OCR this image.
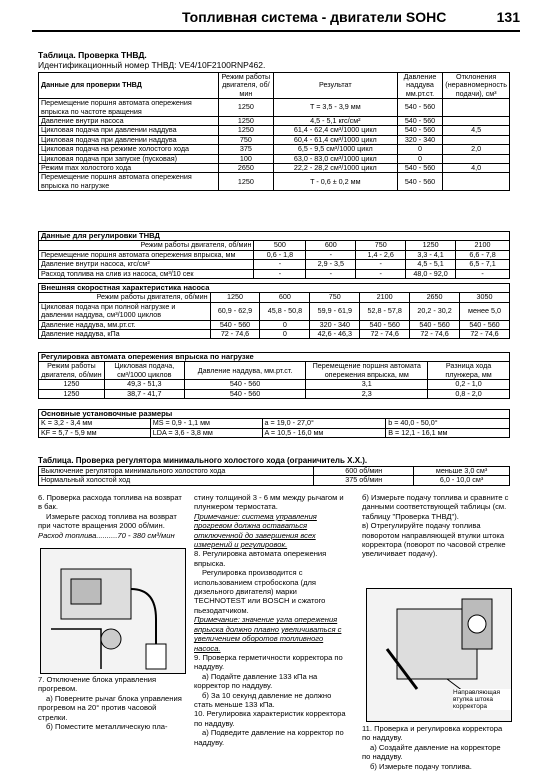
Топливная система - двигатели SOHC	131
Таблица. Проверка ТНВД.
Идентификационный номер ТНВД: VE4/10F2100RNP462.
Данные для проверки ТНВД	Режим работы двигателя, об/мин	Результат	Давление наддува мм.рт.ст.	Отклонения (неравномерность подачи), см³
Перемещение поршня автомата опережения впрыска по частоте вращения	1250	T = 3,5 - 3,9 мм	540 - 560	
Давление внутри насоса	1250	4,5 - 5,1 кгс/см²	540 - 560	
Цикловая подача при давлении наддува	1250	61,4 - 62,4 см³/1000 цикл	540 - 560	4,5
Цикловая подача при давлении наддува	750	60,4 - 61,4 см³/1000 цикл	320 - 340	
Цикловая подача на режиме холостого хода	375	6,5 - 9,5 см³/1000 цикл	0	2,0
Цикловая подача при запуске (пусковая)	100	63,0 - 83,0 см³/1000 цикл	0	
Режим max холостого хода	2650	22,2 - 28,2 см³/1000 цикл	540 - 560	4,0
Перемещение поршня автомата опережения впрыска по нагрузке	1250	T - 0,6 ± 0,2 мм	540 - 560	
Данные для регулировки ТНВД					
Режим работы двигателя, об/мин	500	600	750	1250	2100
Перемещение поршня автомата опережения впрыска, мм	0,6 - 1,8	-	1,4 - 2,6	3,3 - 4,1	6,6 - 7,8
Давление внутри насоса, кгс/см²	-	2,9 - 3,5	-	4,5 - 5,1	6,5 - 7,1
Расход топлива на слив из насоса, см³/10 сек	-	-	-	48,0 - 92,0	-
Внешняя скоростная характеристика насоса						
Режим работы двигателя, об/мин	1250	600	750	2100	2650	3050
Цикловая подача при полной нагрузке и давлении наддува, см³/1000 циклов	60,9 - 62,9	45,8 - 50,8	59,9 - 61,9	52,8 - 57,8	20,2 - 30,2	менее 5,0
Давление наддува, мм.рт.ст.	540 - 560	0	320 - 340	540 - 560	540 - 560	540 - 560
Давление наддува, кПа	72 - 74,6	0	42,6 - 46,3	72 - 74,6	72 - 74,6	72 - 74,6
Регулировка автомата опережения впрыска по нагрузке				
Режим работы двигателя, об/мин	Цикловая подача, см³/1000 циклов	Давление наддува, мм.рт.ст.	Перемещение поршня автомата опережения впрыска, мм	Разница хода плунжера, мм
1250	49,3 - 51,3	540 - 560	3,1	0,2 - 1,0
1250	38,7 - 41,7	540 - 560	2,3	0,8 - 2,0
Основные установочные размеры			
K = 3,2 - 3,4 мм	MS = 0,9 - 1,1 мм	a = 19,0 - 27,0°	b = 40,0 - 50,0°
KF = 5,7 - 5,9 мм	LDA = 3,6 - 3,8 мм	A = 10,5 - 16,0 мм	B = 12,1 - 16,1 мм
Таблица. Проверка регулятора минимального холостого хода (ограничитель X.X.).
Выключение регулятора минимального холостого хода	600 об/мин	меньше 3,0 см³
Нормальный холостой ход	375 об/мин	6,0 - 10,0 см³

6. Проверка расхода топлива на возврат в бак.

Измерьте расход топлива на возврат при частоте вращения 2000 об/мин.

Расход топлива..........70 - 380 см³/мин

7. Отключение блока управления прогревом.

а) Поверните рычаг блока управления прогревом на 20° против часовой стрелки.

б) Поместите металлическую пла-

стину толщиной 3 - 6 мм между рычагом и плунжером термостата.

Примечание: система управления прогревом должна оставаться отключенной до завершения всех измерений и регулировок.

8. Регулировка автомата опережения впрыска.

Регулировка производится с использованием стробоскопа (для дизельного двигателя) марки TECHNOTEST или BOSCH и сжатого пьезодатчиком.

Примечание: значение угла опережения впрыска должно плавно увеличиваться с увеличением оборотов топливного насоса.

9. Проверка герметичности корректора по наддуву.

а) Подайте давление 133 кПа на корректор по наддуву.

б) За 10 секунд давление не должно стать меньше 133 кПа.

10. Регулировка характеристик корректора по наддуву.

а) Подведите давление на корректор по наддуву.

б) Измерьте подачу топлива и сравните с данными соответствующей таблицы (см. таблицу "Проверка ТНВД").

в) Отрегулируйте подачу топлива поворотом направляющей втулки штока корректора (поворот по часовой стрелке увеличивает подачу).

Направляющая втулка штока корректора

11. Проверка и регулировка корректора по наддуву.

а) Создайте давление на корректоре по наддуву.

б) Измерьте подачу топлива.
